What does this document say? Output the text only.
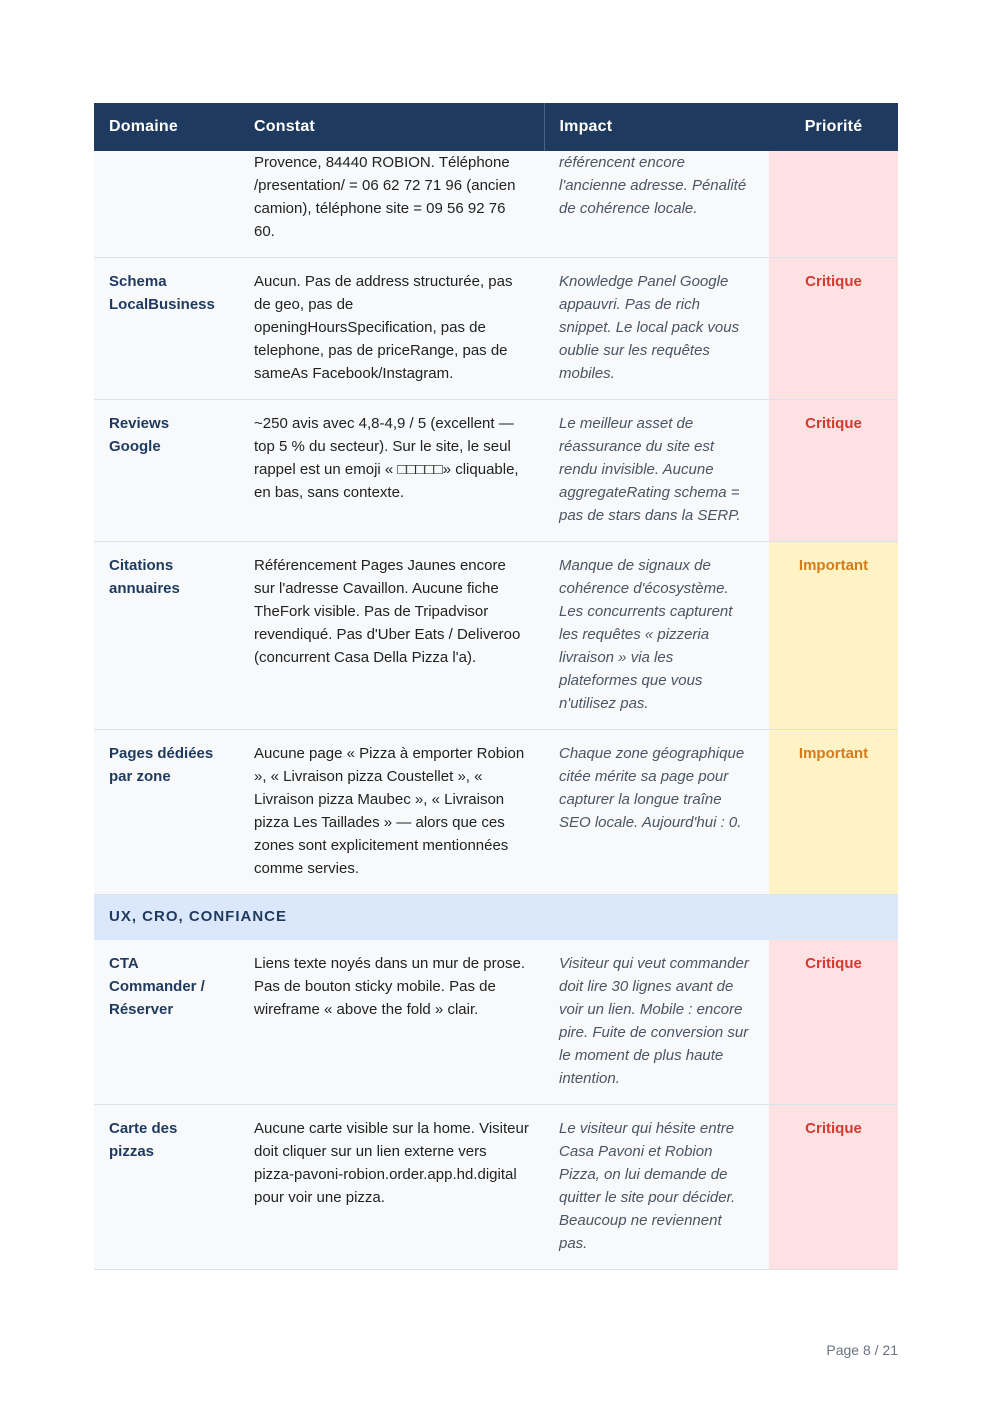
Domaine	Constat	Impact	Priorité
	Provence, 84440 ROBION. Téléphone /presentation/ = 06 62 72 71 96 (ancien camion), téléphone site = 09 56 92 76 60.	référencent encore l'ancienne adresse. Pénalité de cohérence locale.	
Schema LocalBusiness	Aucun. Pas de address structurée, pas de geo, pas de openingHoursSpecification, pas de telephone, pas de priceRange, pas de sameAs Facebook/Instagram.	Knowledge Panel Google appauvri. Pas de rich snippet. Le local pack vous oublie sur les requêtes mobiles.	Critique
Reviews Google	~250 avis avec 4,8-4,9 / 5 (excellent — top 5 % du secteur). Sur le site, le seul rappel est un emoji « □□□□□» cliquable, en bas, sans contexte.	Le meilleur asset de réassurance du site est rendu invisible. Aucune aggregateRating schema = pas de stars dans la SERP.	Critique
Citations annuaires	Référencement Pages Jaunes encore sur l'adresse Cavaillon. Aucune fiche TheFork visible. Pas de Tripadvisor revendiqué. Pas d'Uber Eats / Deliveroo (concurrent Casa Della Pizza l'a).	Manque de signaux de cohérence d'écosystème. Les concurrents capturent les requêtes « pizzeria livraison » via les plateformes que vous n'utilisez pas.	Important
Pages dédiées par zone	Aucune page « Pizza à emporter Robion », « Livraison pizza Coustellet », « Livraison pizza Maubec », « Livraison pizza Les Taillades » — alors que ces zones sont explicitement mentionnées comme servies.	Chaque zone géographique citée mérite sa page pour capturer la longue traîne SEO locale. Aujourd'hui : 0.	Important
UX, CRO, CONFIANCE			
CTA Commander / Réserver	Liens texte noyés dans un mur de prose. Pas de bouton sticky mobile. Pas de wireframe « above the fold » clair.	Visiteur qui veut commander doit lire 30 lignes avant de voir un lien. Mobile : encore pire. Fuite de conversion sur le moment de plus haute intention.	Critique
Carte des pizzas	Aucune carte visible sur la home. Visiteur doit cliquer sur un lien externe vers pizza-pavoni-robion.order.app.hd.digital pour voir une pizza.	Le visiteur qui hésite entre Casa Pavoni et Robion Pizza, on lui demande de quitter le site pour décider. Beaucoup ne reviennent pas.	Critique
Page 8 / 21
